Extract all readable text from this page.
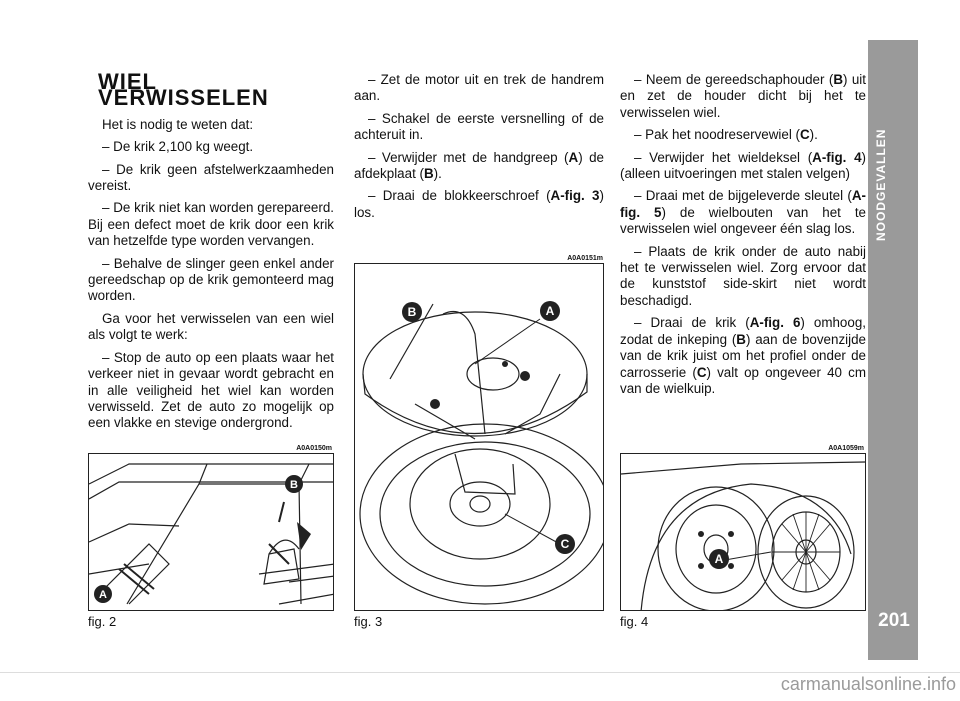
NOODGEVALLEN
201
WIEL VERWISSELEN

Het is nodig te weten dat:

– De krik 2,100 kg weegt.

– De krik geen afstelwerkzaamheden vereist.

– De krik niet kan worden gerepareerd. Bij een defect moet de krik door een krik van hetzelfde type worden vervangen.

– Behalve de slinger geen enkel ander gereedschap op de krik gemonteerd mag worden.

Ga voor het verwisselen van een wiel als volgt te werk:

– Stop de auto op een plaats waar het verkeer niet in gevaar wordt gebracht en in alle veiligheid het wiel kan worden verwisseld. Zet de auto zo mogelijk op een vlakke en stevige ondergrond.

– Zet de motor uit en trek de handrem aan.

– Schakel de eerste versnelling of de achteruit in.

– Verwijder met de handgreep (A) de afdekplaat (B).

– Draai de blokkeerschroef (A-fig. 3) los.

– Neem de gereedschaphouder (B) uit en zet de houder dicht bij het te verwisselen wiel.

– Pak het noodreservewiel (C).

– Verwijder het wieldeksel (A-fig. 4) (alleen uitvoeringen met stalen velgen)

– Draai met de bijgeleverde sleutel (A-fig. 5) de wielbouten van het te verwisselen wiel ongeveer één slag los.

– Plaats de krik onder de auto nabij het te verwisselen wiel. Zorg ervoor dat de kunststof side-skirt niet wordt beschadigd.

– Draai de krik (A-fig. 6) omhoog, zodat de inkeping (B) aan de bovenzijde van de krik juist om het profiel onder de carrosserie (C) valt op ongeveer 40 cm van de wielkuip.

A0A0150m
B
A
fig. 2
A0A0151m
B	A
C
fig. 3
A0A1059m
A
fig. 4
carmanualsonline.info
